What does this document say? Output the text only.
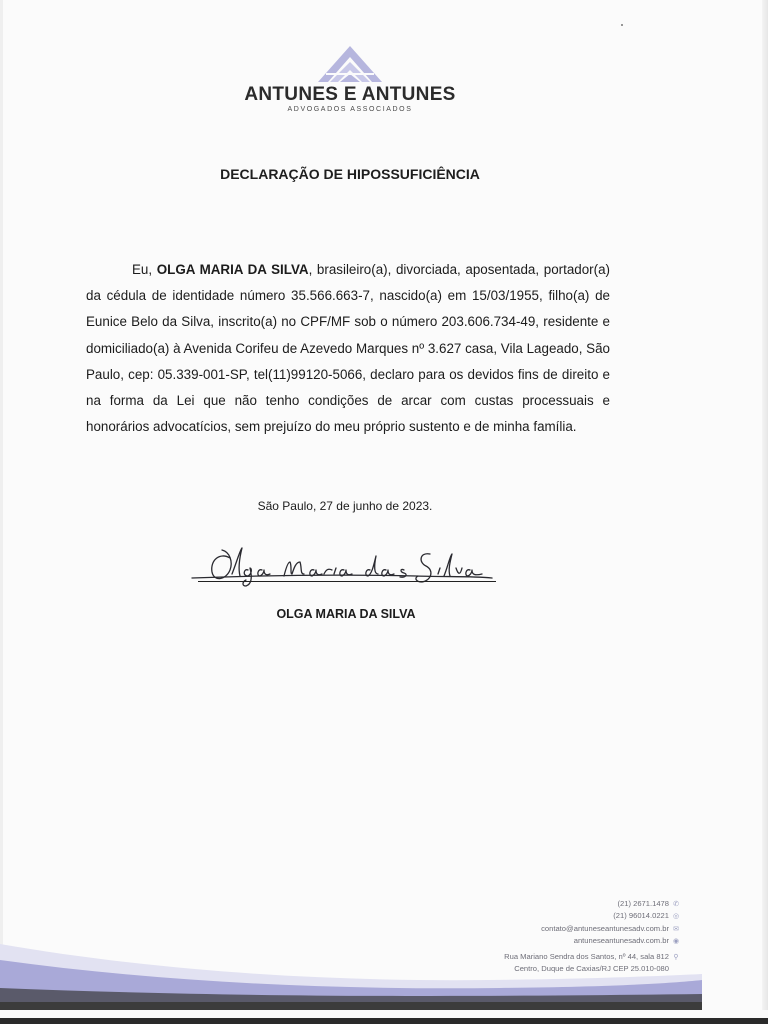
ANTUNES E ANTUNES
ADVOGADOS ASSOCIADOS
DECLARAÇÃO DE HIPOSSUFICIÊNCIA

Eu, OLGA MARIA DA SILVA, brasileiro(a), divorciada, aposentada, portador(a) da cédula de identidade número 35.566.663-7, nascido(a) em 15/03/1955, filho(a) de Eunice Belo da Silva, inscrito(a) no CPF/MF sob o número 203.606.734-49, residente e domiciliado(a) à Avenida Corifeu de Azevedo Marques nº 3.627 casa, Vila Lageado, São Paulo, cep: 05.339-001-SP, tel(11)99120-5066, declaro para os devidos fins de direito e na forma da Lei que não tenho condições de arcar com custas processuais e honorários advocatícios, sem prejuízo do meu próprio sustento e de minha família.

São Paulo, 27 de junho de 2023.
OLGA MARIA DA SILVA
(21) 2671.1478 ✆
(21) 96014.0221 ◎
contato@antuneseantunesadv.com.br ✉
antuneseantunesadv.com.br ◉
Rua Mariano Sendra dos Santos, nº 44, sala 812 ⚲
Centro, Duque de Caxias/RJ CEP 25.010-080
